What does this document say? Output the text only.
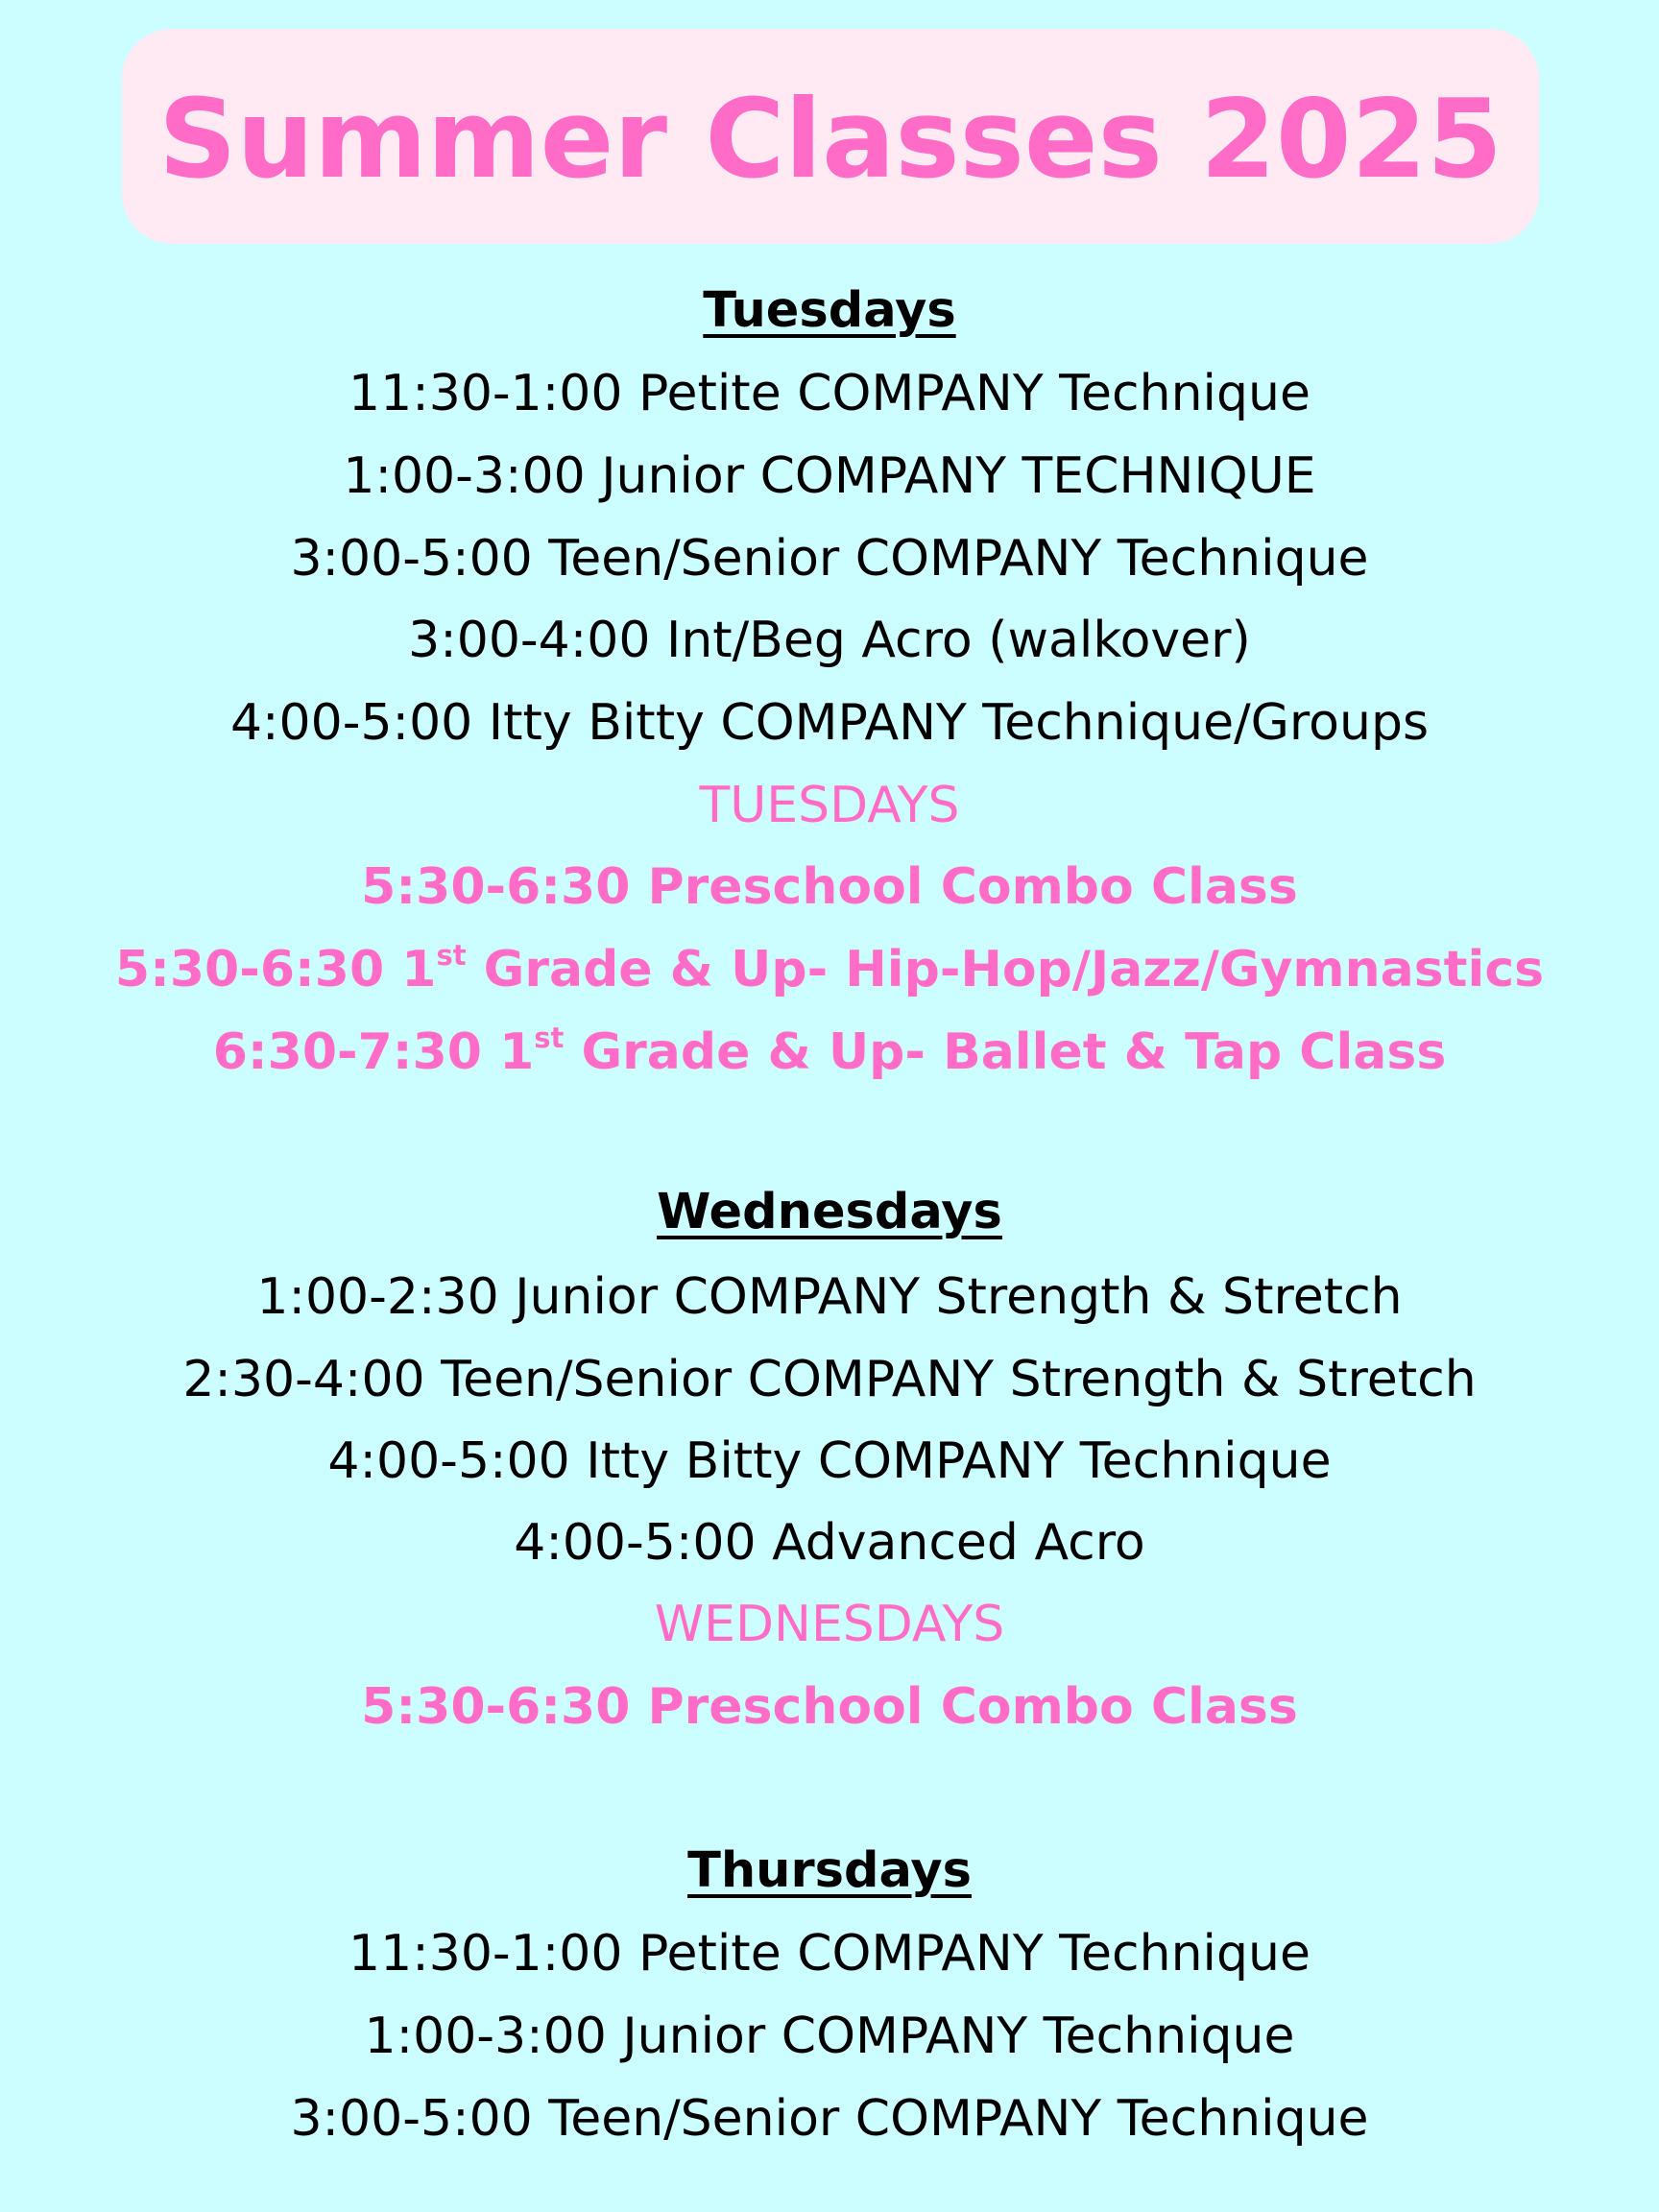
Summer Classes 2025
Tuesdays
11:30-1:00 Petite COMPANY Technique
1:00-3:00 Junior COMPANY TECHNIQUE
3:00-5:00 Teen/Senior COMPANY Technique
3:00-4:00 Int/Beg Acro (walkover)
4:00-5:00 Itty Bitty COMPANY Technique/Groups
TUESDAYS
5:30-6:30 Preschool Combo Class
5:30-6:30 1st Grade & Up- Hip-Hop/Jazz/Gymnastics
6:30-7:30 1st Grade & Up- Ballet & Tap Class
Wednesdays
1:00-2:30 Junior COMPANY Strength & Stretch
2:30-4:00 Teen/Senior COMPANY Strength & Stretch
4:00-5:00 Itty Bitty COMPANY Technique
4:00-5:00 Advanced Acro
WEDNESDAYS
5:30-6:30 Preschool Combo Class
Thursdays
11:30-1:00 Petite COMPANY Technique
1:00-3:00 Junior COMPANY Technique
3:00-5:00 Teen/Senior COMPANY Technique
